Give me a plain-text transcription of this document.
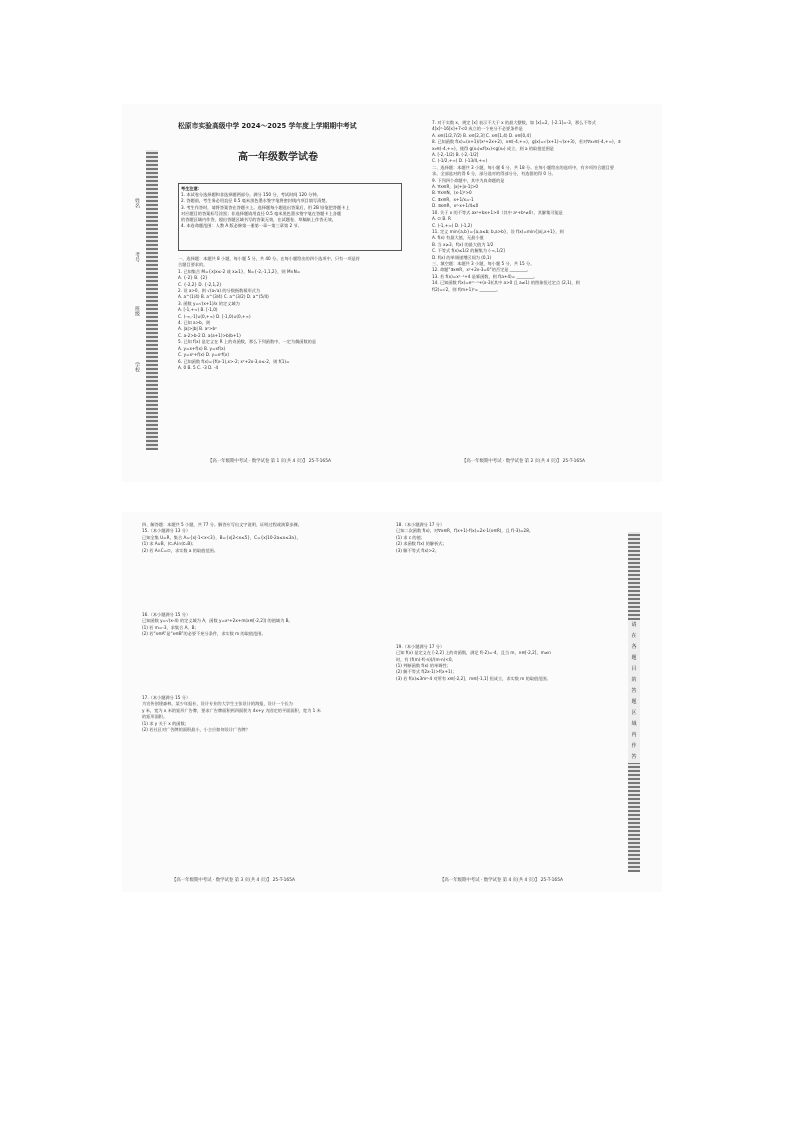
姓名
考号
班级
学校
松原市实验高级中学 2024～2025 学年度上学期期中考试
高一年级数学试卷
考生注意：
1. 本试卷分选择题和非选择题两部分。满分 150 分，考试时间 120 分钟。
2. 答题前，考生务必用直径 0.5 毫米黑色墨水签字笔将密封线内项目填写清楚。
3. 考生作答时，请将答案答在答题卡上。选择题每小题选出答案后，用 2B 铅笔把答题卡上
对应题目的答案标号涂黑；非选择题请用直径 0.5 毫米黑色墨水签字笔在答题卡上各题
的答题区域内作答，超出答题区域书写的答案无效，在试题卷、草稿纸上作答无效。
4. 本卷命题范围：人教 A 版必修第一册第一章～第三章第 2 节。
一、选择题：本题共 8 小题，每小题 5 分，共 40 分。在每小题给出的四个选项中，只有一项是符
合题目要求的。
1. 已知集合 M={x|x≤-2 或 x≥1}，N={-2,-1,1,2}，则 M∩N=
A. {-2} B. {2}
C. {-2,2} D. {-2,1,2}
2. 设 a>0，则 √(a√a) 的分数指数幂形式为
A. a^(1/4) B. a^(3/4) C. a^(3/2) D. a^(5/4)
3. 函数 y=√(x+1)/x 的定义域为
A. [-1,+∞) B. [-1,0)
C. (-∞,-1]∪(0,+∞) D. [-1,0)∪(0,+∞)
4. 已知 a>b，则
A. |a|>|b| B. a²>b²
C. a-2>b-2 D. a(a+1)>b(b+1)
5. 已知 f(x) 是定义在 R 上的奇函数，那么下列函数中，一定为偶函数的是
A. y=x+f(x) B. y=xf(x)
C. y=x²+f(x) D. y=x²f(x)
6. 已知函数 f(x)={f(x-1),x>-2; x²+2x-3,x≤-2，则 f(1)=
A. 0 B. 5 C. -3 D. -4
【高一年级期中考试 · 数学试卷 第 1 页(共 4 页)】 25-T-165A
7. 对于实数 x，规定 [x] 表示不大于 x 的最大整数，如 [x]=2，[-2.1]=-3，那么不等式
4[x]²-16[x]+7<0 成立的一个充分不必要条件是
A. x∈(1/2,7/2) B. x∈[2,3] C. x∈[1,4) D. x∈[0,4]
8. 已知函数 f(x)=(x+1)/(x²+2x+2)，x∈(-4,+∞)，g(x)=√(x+1)-√(x+3)，若对∀x₁∈(-4,+∞)，∃
x₂∈(-4,+∞)，使得 g(x₁)≤f(x₂)<g(x₂) 成立，则 a 的取值范围是
A. [-2,-1/2) B. (-2,-1/2]
C. (-1/2,+∞) D. (-13/4,+∞)
二、选择题：本题共 3 小题，每小题 6 分，共 18 分。在每小题给出的选项中，有多项符合题目要
求。全部选对的得 6 分，部分选对的得部分分，有选错的得 0 分。
9. 下列四个命题中，其中为真命题的是
A. ∀x∈R，|x|+|x-1|>0
B. ∀x∈N，(x-1)²>0
C. ∃x∈R，x+1/x=-1
D. ∃x∈R，x²-x+1/4≤0
10. 关于 x 的不等式 ax²+bx+1>0（其中 a²+b²≠0），其解集可能是
A. ∅ B. R
C. (-1,+∞) D. (-1,2)
11. 定义 min{a,b}={a,a≤b; b,a>b}，设 f(x)=min{|x|,x+1}，则
A. f(x) 有最大值，无最小值
B. 当 x≥3，f(x) 的最大值为 1/2
C. 不等式 f(x)≤1/2 的解集为 (-∞,1/2]
D. f(x) 的单调递增区间为 (0,1)
三、填空题：本题共 3 小题，每小题 5 分，共 15 分。
12. 命题“∃x∈R，x²+2x-3=0”的否定是 ________。
13. 若 f(x)=xᵃ⁻²+4 是幂函数，则 f(a+4)= ________。
14. 已知函数 f(x)=eᵃˣ⁻¹+(x-3)(其中 a>0 且 a≠1) 的图象恒过定点 (2,1)，则
f(2)=√2，则 f(m+1)²= ________。
【高一年级期中考试 · 数学试卷 第 2 页(共 4 页)】 25-T-165A
四、解答题：本题共 5 小题，共 77 分。解答应写出文字说明、证明过程或演算步骤。
15.（本小题满分 13 分）
已知全集 U=R，集合 A={x|-1<x<3}，B={x|2<x≤5}，C={x|10-2a≤x≤3a}。
(1) 求 A∪B，(∁ᵤA)∩(∁ᵤB)；
(2) 若 A∩C=∅，求实数 a 的取值范围。

16.（本小题满分 15 分）
已知函数 y=√(x-4) 的定义域为 A，函数 y=x²+2x+m(x∈[-2,2]) 的值域为 B。
(1) 若 m=-3，求集合 A，B；
(2) 若“x∈A”是“x∈B”的必要不充分条件，求实数 m 的取值范围。

17.（本小题满分 15 分）
为宣传创建森林，某少年报社，设计专业的大学生主张设计的海报，设计一个长为
y 米，宽为 x 米的矩形广告牌，要求广告牌面积两四面积为 4x+y 为固定的平面面积，宽为 1 米
的矩形面积。
(1) 求 y 关于 x 的函数；
(2) 若社区对广告牌的面积最小，小主应如何设计广告牌？
【高一年级期中考试 · 数学试卷 第 3 页(共 4 页)】 25-T-165A
18.（本小题满分 17 分）
已知二次函数 f(x)，对∀x∈R，f(x+1)-f(x)=2x-1(x∈R)，且 f(-3)=28。
(1) 求 c 的值；
(2) 求函数 f(x) 的解析式；
(3) 解不等式 f(x)>2。

19.（本小题满分 17 分）
已知 f(x) 是定义在 [-2,2] 上的奇函数，满足 f(-2)=-4，且当 m，n∈[-2,2]，m≠n
时，有 (f(m)-f(-n))/(m-n)<0。
(1) 判断函数 f(x) 的单调性；
(2) 解不等式 f(2x-1)>f(x+1)；
(3) 若 f(x)≤3m²-4 对所有 x∈[-2,2]，m∈[-1,1] 恒成立，求实数 m 的取值范围。
【高一年级期中考试 · 数学试卷 第 4 页(共 4 页)】 25-T-165A
请
在
各
题
目
的
答
题
区
域
内
作
答
